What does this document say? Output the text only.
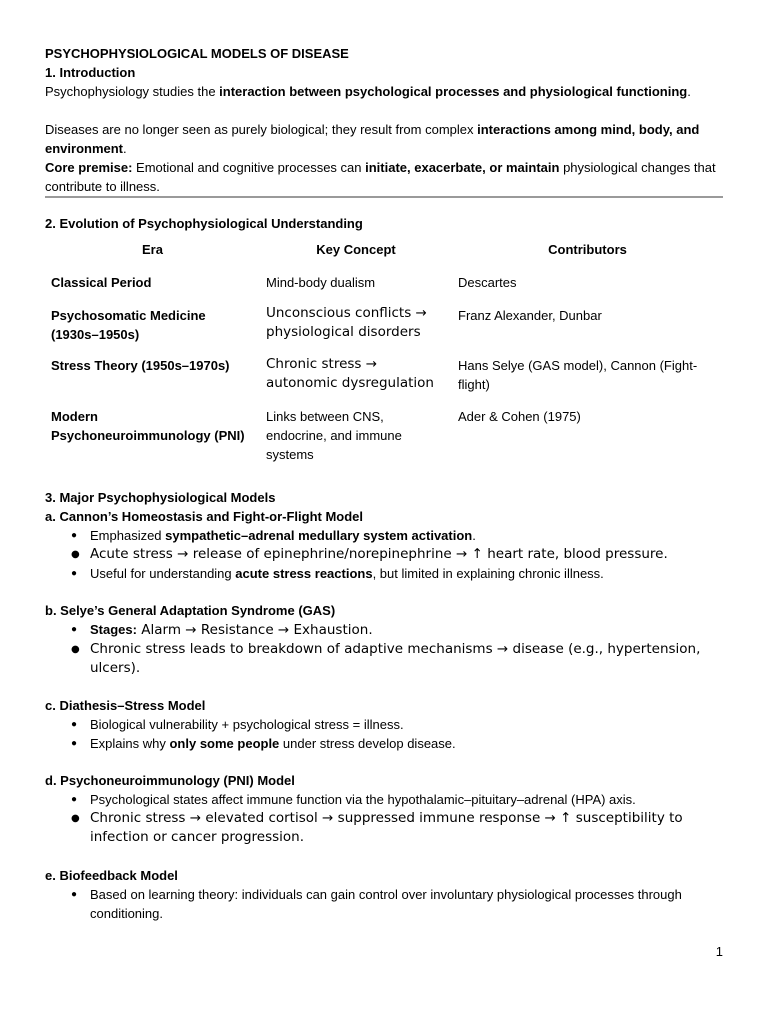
PSYCHOPHYSIOLOGICAL MODELS OF DISEASE
1. Introduction
Psychophysiology studies the interaction between psychological processes and physiological functioning.
Diseases are no longer seen as purely biological; they result from complex interactions among mind, body, and environment.
Core premise: Emotional and cognitive processes can initiate, exacerbate, or maintain physiological changes that contribute to illness.
2. Evolution of Psychophysiological Understanding
Era	Key Concept	Contributors
Classical Period	Mind-body dualism	Descartes
Psychosomatic Medicine (1930s–1950s)	Unconscious conflicts → physiological disorders	Franz Alexander, Dunbar
Stress Theory (1950s–1970s)	Chronic stress → autonomic dysregulation	Hans Selye (GAS model), Cannon (Fight-flight)
Modern Psychoneuroimmunology (PNI)	Links between CNS, endocrine, and immune systems	Ader & Cohen (1975)
3. Major Psychophysiological Models
a. Cannon’s Homeostasis and Fight-or-Flight Model
● Emphasized sympathetic–adrenal medullary system activation.
● Acute stress → release of epinephrine/norepinephrine → ↑ heart rate, blood pressure.
● Useful for understanding acute stress reactions, but limited in explaining chronic illness.
b. Selye’s General Adaptation Syndrome (GAS)
● Stages: Alarm → Resistance → Exhaustion.
● Chronic stress leads to breakdown of adaptive mechanisms → disease (e.g., hypertension, ulcers).
c. Diathesis–Stress Model
● Biological vulnerability + psychological stress = illness.
● Explains why only some people under stress develop disease.
d. Psychoneuroimmunology (PNI) Model
● Psychological states affect immune function via the hypothalamic–pituitary–adrenal (HPA) axis.
● Chronic stress → elevated cortisol → suppressed immune response → ↑ susceptibility to infection or cancer progression.
e. Biofeedback Model
● Based on learning theory: individuals can gain control over involuntary physiological processes through conditioning.
1
